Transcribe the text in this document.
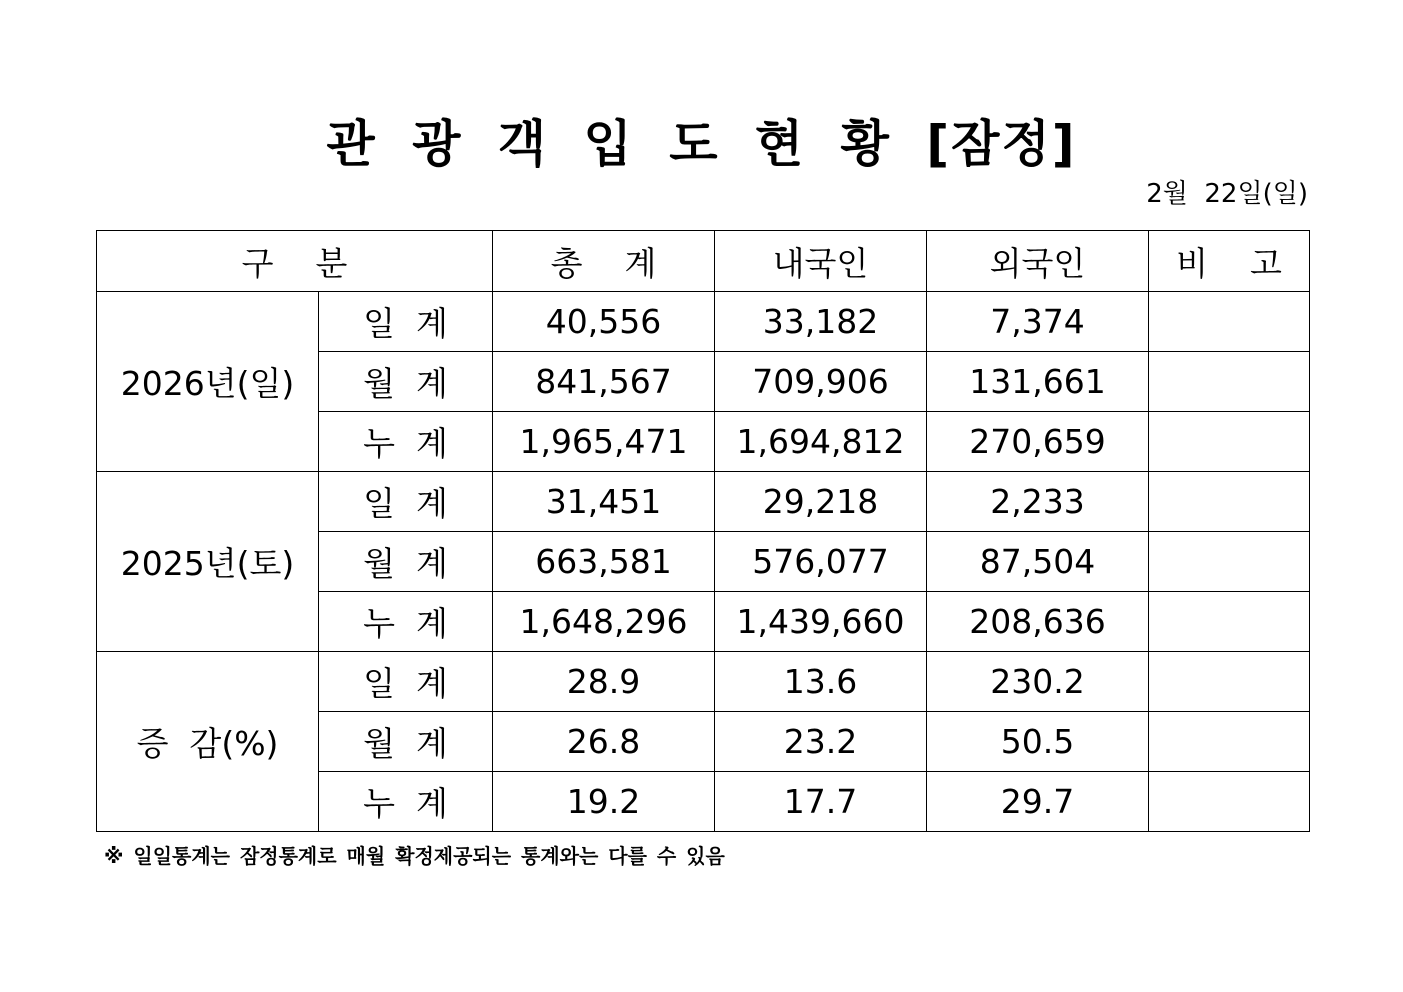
관 광 객 입 도 현 황 [잠정]
2월  22일(일)
구    분		총    계	내국인	외국인	비    고
2026년(일)	일  계	40,556	33,182	7,374	
	월  계	841,567	709,906	131,661	
	누  계	1,965,471	1,694,812	270,659	
2025년(토)	일  계	31,451	29,218	2,233	
	월  계	663,581	576,077	87,504	
	누  계	1,648,296	1,439,660	208,636	
증  감(%)	일  계	28.9	13.6	230.2	
	월  계	26.8	23.2	50.5	
	누  계	19.2	17.7	29.7	
※ 일일통계는 잠정통계로 매월 확정제공되는 통계와는 다를 수 있음
